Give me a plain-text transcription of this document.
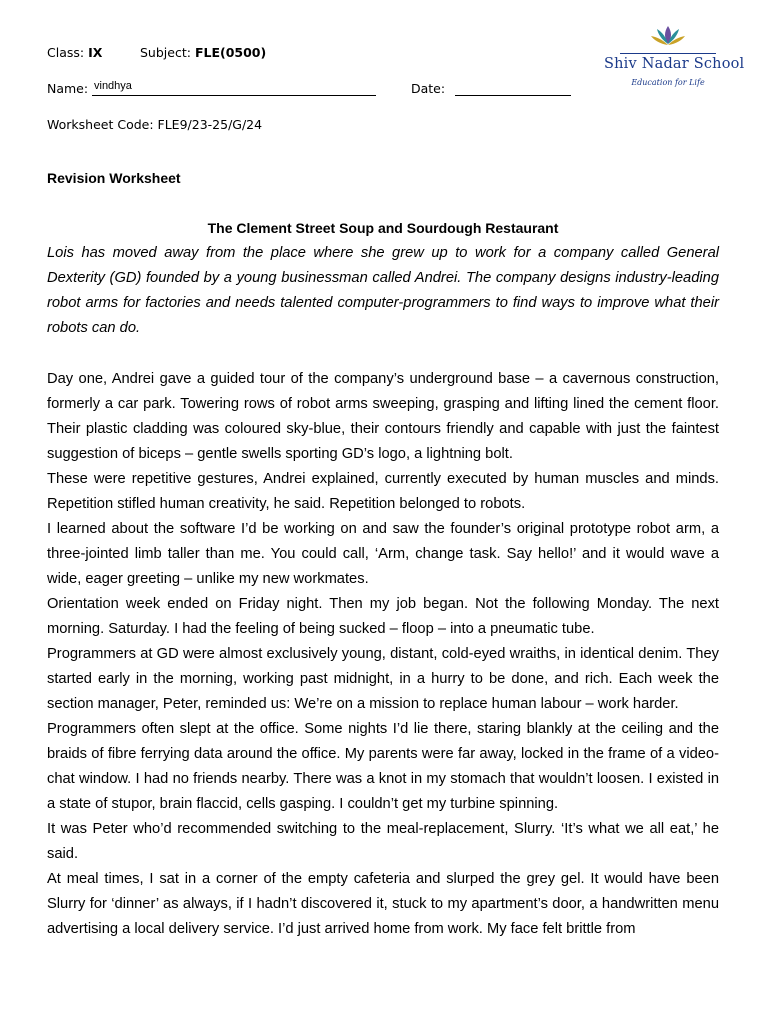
Class: IX	Subject: FLE(0500)
Name: vindhya	Date:
Worksheet Code: FLE9/23-25/G/24
Shiv Nadar School
Education for Life
Revision Worksheet
The Clement Street Soup and Sourdough Restaurant
Lois has moved away from the place where she grew up to work for a company called General Dexterity (GD) founded by a young businessman called Andrei. The company designs industry-leading robot arms for factories and needs talented computer-programmers to find ways to improve what their robots can do.

Day one, Andrei gave a guided tour of the company’s underground base – a cavernous construction, formerly a car park. Towering rows of robot arms sweeping, grasping and lifting lined the cement floor. Their plastic cladding was coloured sky-blue, their contours friendly and capable with just the faintest suggestion of biceps – gentle swells sporting GD’s logo, a lightning bolt.

These were repetitive gestures, Andrei explained, currently executed by human muscles and minds. Repetition stifled human creativity, he said. Repetition belonged to robots.

I learned about the software I’d be working on and saw the founder’s original prototype robot arm, a three-jointed limb taller than me. You could call, ‘Arm, change task. Say hello!’ and it would wave a wide, eager greeting – unlike my new workmates.

Orientation week ended on Friday night. Then my job began. Not the following Monday. The next morning. Saturday. I had the feeling of being sucked – floop – into a pneumatic tube.

Programmers at GD were almost exclusively young, distant, cold-eyed wraiths, in identical denim. They started early in the morning, working past midnight, in a hurry to be done, and rich. Each week the section manager, Peter, reminded us: We’re on a mission to replace human labour – work harder.

Programmers often slept at the office. Some nights I’d lie there, staring blankly at the ceiling and the braids of fibre ferrying data around the office. My parents were far away, locked in the frame of a video-chat window. I had no friends nearby. There was a knot in my stomach that wouldn’t loosen. I existed in a state of stupor, brain flaccid, cells gasping. I couldn’t get my turbine spinning.

It was Peter who’d recommended switching to the meal-replacement, Slurry. ‘It’s what we all eat,’ he said.

At meal times, I sat in a corner of the empty cafeteria and slurped the grey gel. It would have been Slurry for ‘dinner’ as always, if I hadn’t discovered it, stuck to my apartment’s door, a handwritten menu advertising a local delivery service. I’d just arrived home from work. My face felt brittle from
